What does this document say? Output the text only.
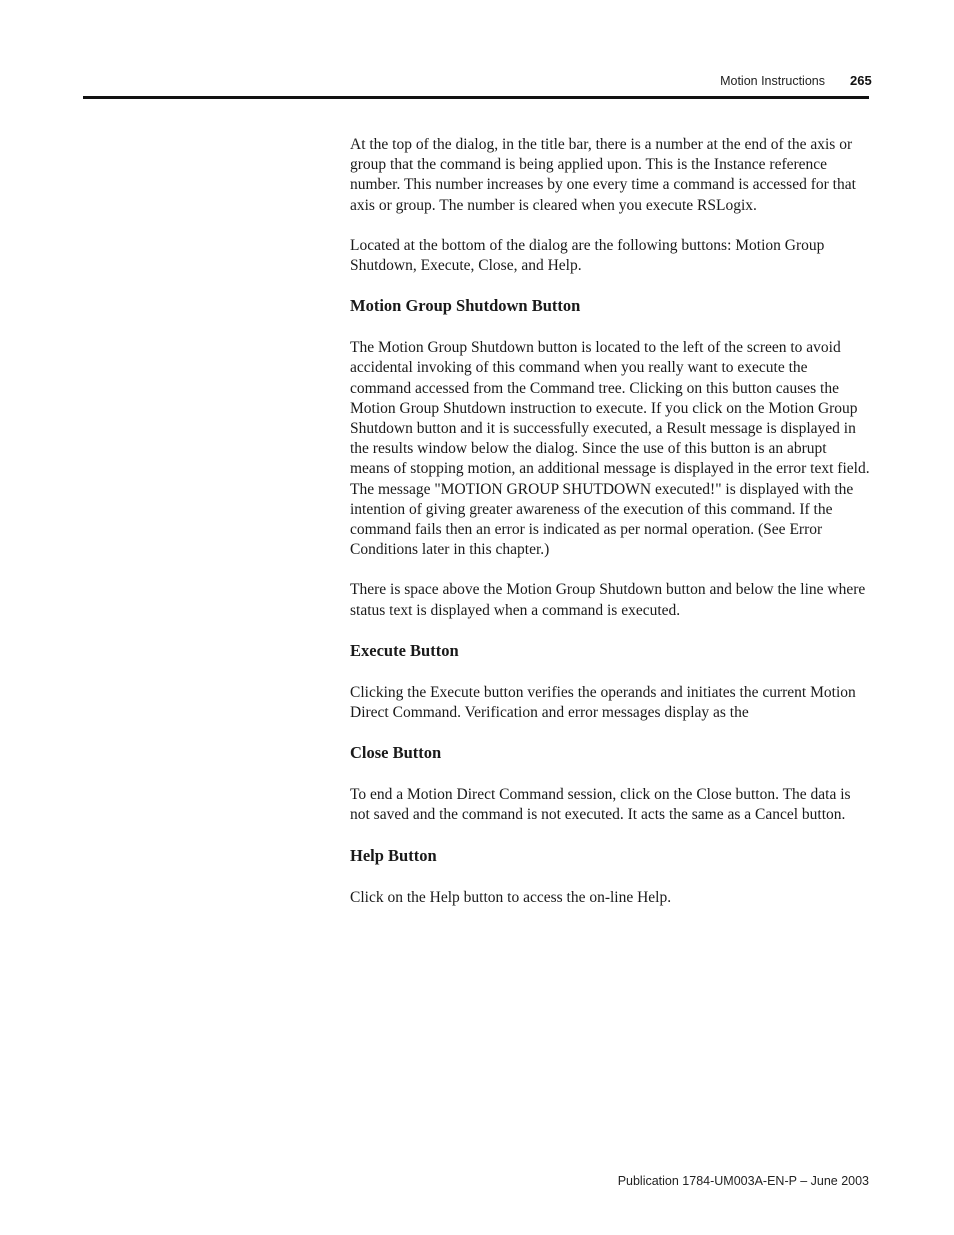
Motion Instructions 265

At the top of the dialog, in the title bar, there is a number at the end of the axis or group that the command is being applied upon. This is the Instance reference number. This number increases by one every time a command is accessed for that axis or group. The number is cleared when you execute RSLogix.

Located at the bottom of the dialog are the following buttons: Motion Group Shutdown, Execute, Close, and Help.

Motion Group Shutdown Button

The Motion Group Shutdown button is located to the left of the screen to avoid accidental invoking of this command when you really want to execute the command accessed from the Command tree. Clicking on this button causes the Motion Group Shutdown instruction to execute. If you click on the Motion Group Shutdown button and it is successfully executed, a Result message is displayed in the results window below the dialog. Since the use of this button is an abrupt means of stopping motion, an additional message is displayed in the error text field. The message "MOTION GROUP SHUTDOWN executed!" is displayed with the intention of giving greater awareness of the execution of this command. If the command fails then an error is indicated as per normal operation. (See Error Conditions later in this chapter.)

There is space above the Motion Group Shutdown button and below the line where status text is displayed when a command is executed.

Execute Button

Clicking the Execute button verifies the operands and initiates the current Motion Direct Command. Verification and error messages display as the

Close Button

To end a Motion Direct Command session, click on the Close button. The data is not saved and the command is not executed. It acts the same as a Cancel button.

Help Button

Click on the Help button to access the on-line Help.

Publication 1784-UM003A-EN-P – June 2003
